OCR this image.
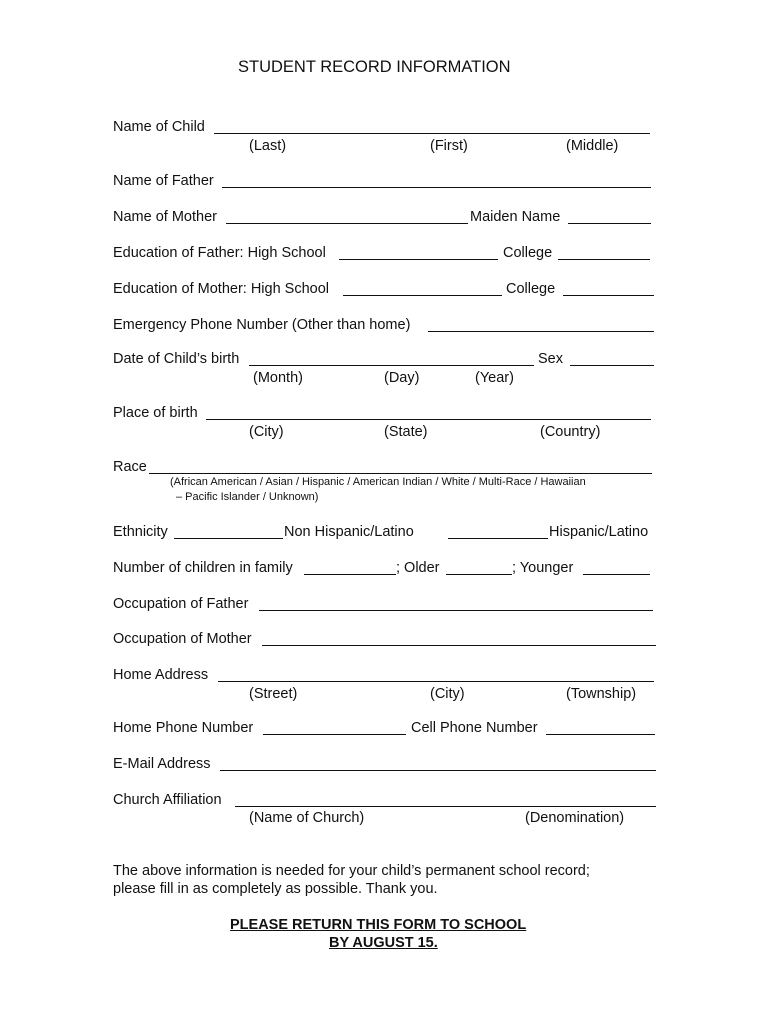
STUDENT RECORD INFORMATION
Name of Child
(Last)	(First)	(Middle)
Name of Father
Name of Mother	Maiden Name
Education of Father: High School	College
Education of Mother: High School	College
Emergency Phone Number (Other than home)
Date of Child’s birth	Sex
(Month)	(Day)	(Year)
Place of birth
(City)	(State)	(Country)
Race
(African American / Asian / Hispanic / American Indian / White / Multi-Race / Hawaiian
– Pacific Islander / Unknown)
Ethnicity	Non Hispanic/Latino	Hispanic/Latino
Number of children in family	; Older	; Younger
Occupation of Father
Occupation of Mother
Home Address
(Street)	(City)	(Township)
Home Phone Number	Cell Phone Number
E-Mail Address
Church Affiliation
(Name of Church)	(Denomination)
The above information is needed for your child’s permanent school record;
please fill in as completely as possible. Thank you.
PLEASE RETURN THIS FORM TO SCHOOL
BY AUGUST 15.
